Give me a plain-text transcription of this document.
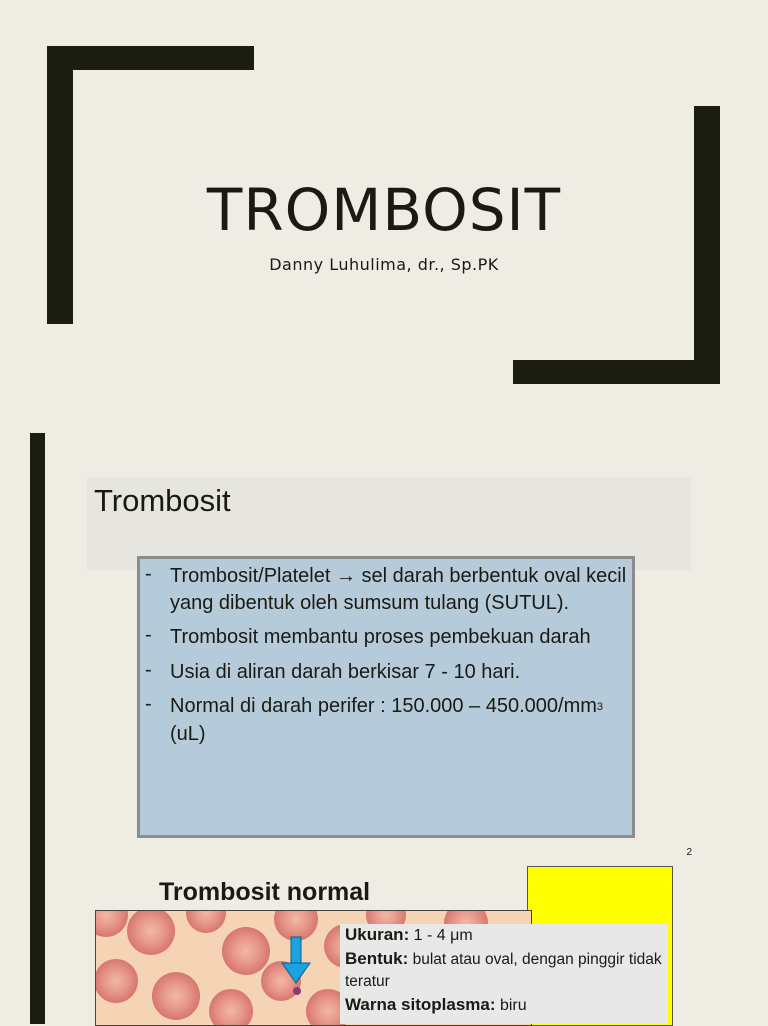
TROMBOSIT
Danny Luhulima, dr., Sp.PK
Trombosit
- Trombosit/Platelet → sel darah berbentuk oval kecil yang dibentuk oleh sumsum tulang (SUTUL).
- Trombosit membantu proses pembekuan darah
- Usia di aliran darah berkisar 7 - 10 hari.
- Normal di darah perifer : $150.000 - 450.000/mm^3$ (uL)
2
Trombosit normal

Ukuran: 1 - 4 μm

Bentuk: bulat atau oval, dengan pinggir tidak teratur

Warna sitoplasma: biru
